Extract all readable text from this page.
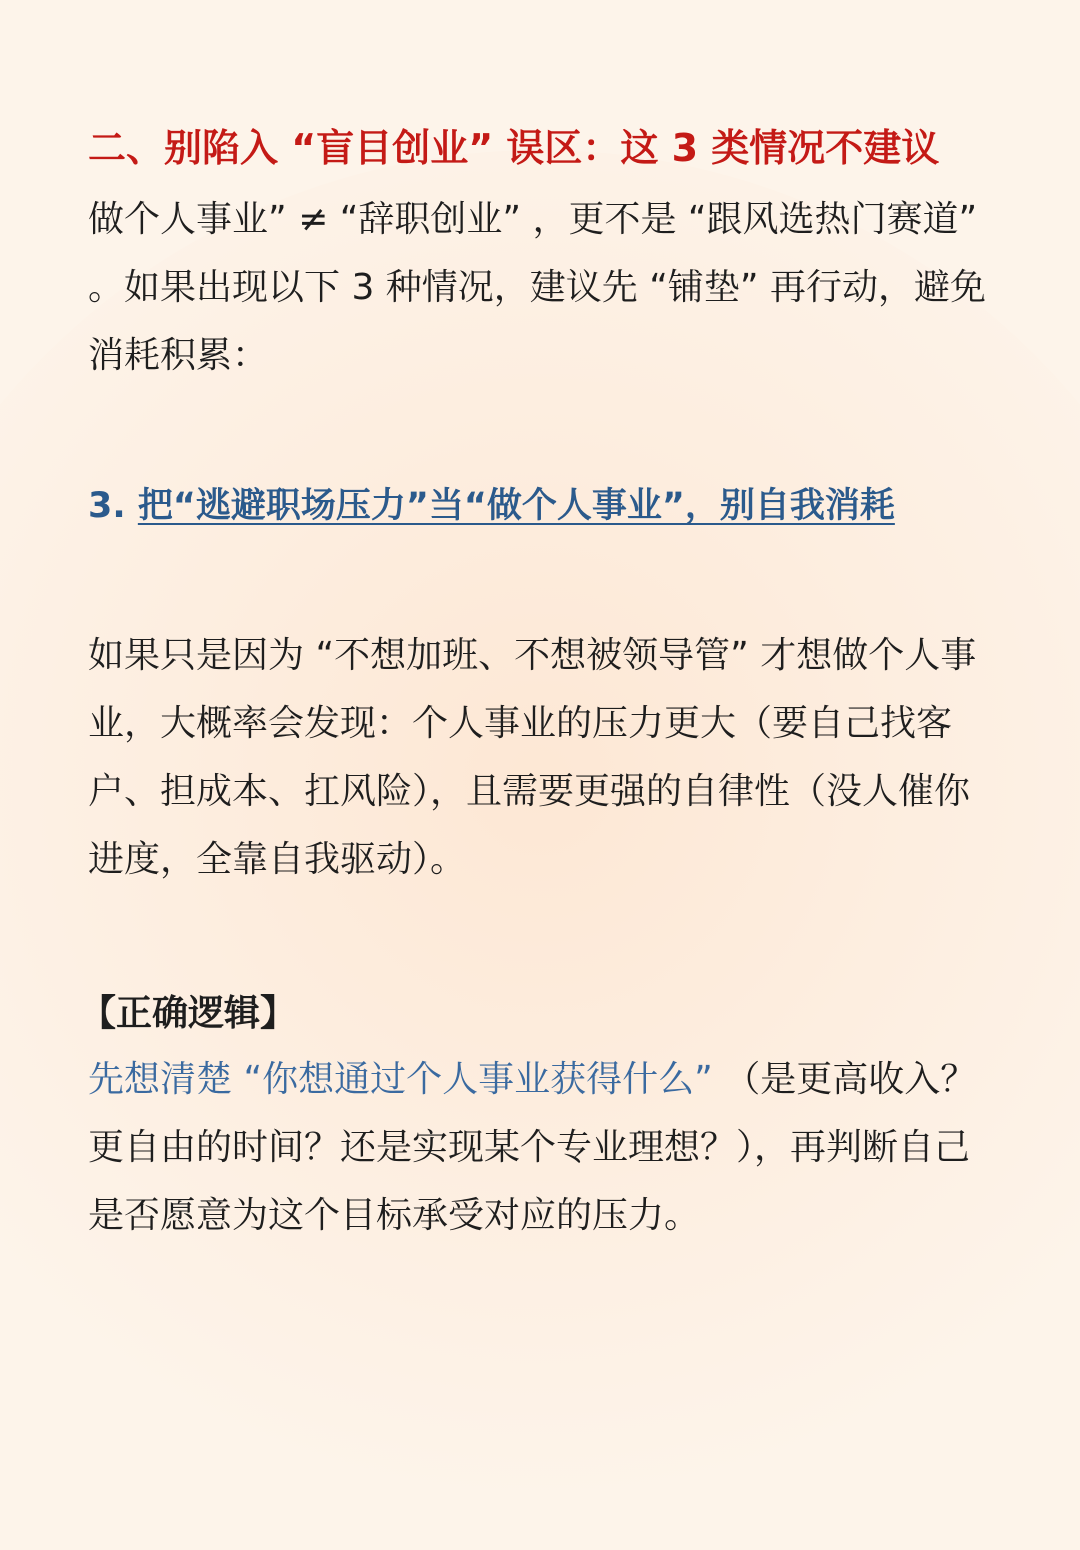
二、别陷入 “盲目创业” 误区：这 3 类情况不建议

做个人事业” ≠ “辞职创业” ，更不是 “跟风选热门赛道” 。如果出现以下 3 种情况，建议先 “铺垫” 再行动，避免消耗积累：

3. 把“逃避职场压力”当“做个人事业”，别自我消耗

如果只是因为 “不想加班、不想被领导管” 才想做个人事业，大概率会发现：个人事业的压力更大（要自己找客户、担成本、扛风险），且需要更强的自律性（没人催你进度，全靠自我驱动）。

【正确逻辑】

先想清楚 “你想通过个人事业获得什么” （是更高收入？更自由的时间？还是实现某个专业理想？），再判断自己是否愿意为这个目标承受对应的压力。
